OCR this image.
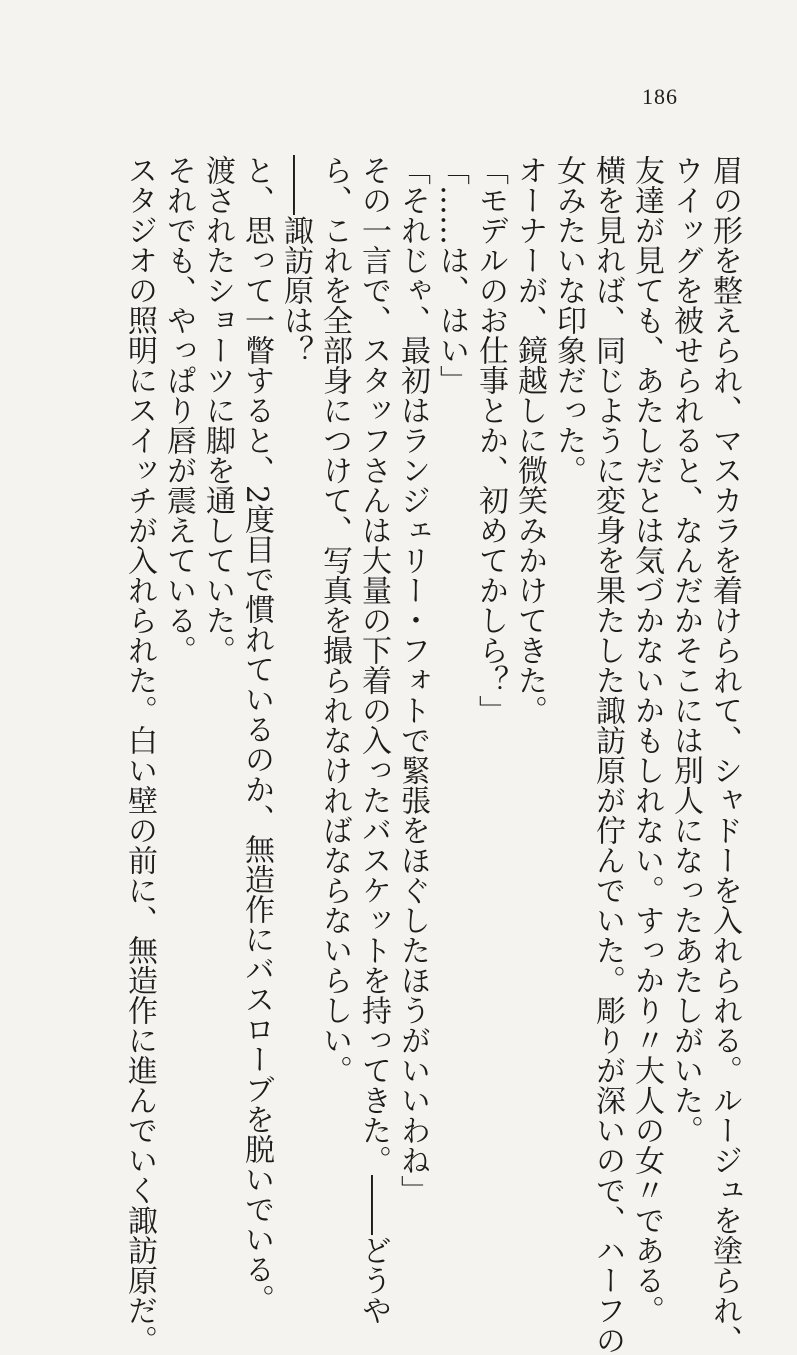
186
眉の形を整えられ、マスカラを着けられて、シャドーを入れられる。ルージュを塗られ、
ウイッグを被せられると、なんだかそこには別人になったあたしがいた。
友達が見ても、あたしだとは気づかないかもしれない。すっかり〃大人の女〃である。
横を見れば、同じように変身を果たした諏訪原が佇んでいた。彫りが深いので、ハーフの
女みたいな印象だった。
オーナーが、鏡越しに微笑みかけてきた。
「モデルのお仕事とか、初めてかしら？」
「……は、はい」
「それじゃ、最初はランジェリー・フォトで緊張をほぐしたほうがいいわね」
その一言で、スタッフさんは大量の下着の入ったバスケットを持ってきた。――どうや
ら、これを全部身につけて、写真を撮られなければならないらしい。
――諏訪原は？
と、思って一瞥すると、2度目で慣れているのか、無造作にバスローブを脱いでいる。
渡されたショーツに脚を通していた。
それでも、やっぱり唇が震えている。
スタジオの照明にスイッチが入れられた。白い壁の前に、無造作に進んでいく諏訪原だ。
